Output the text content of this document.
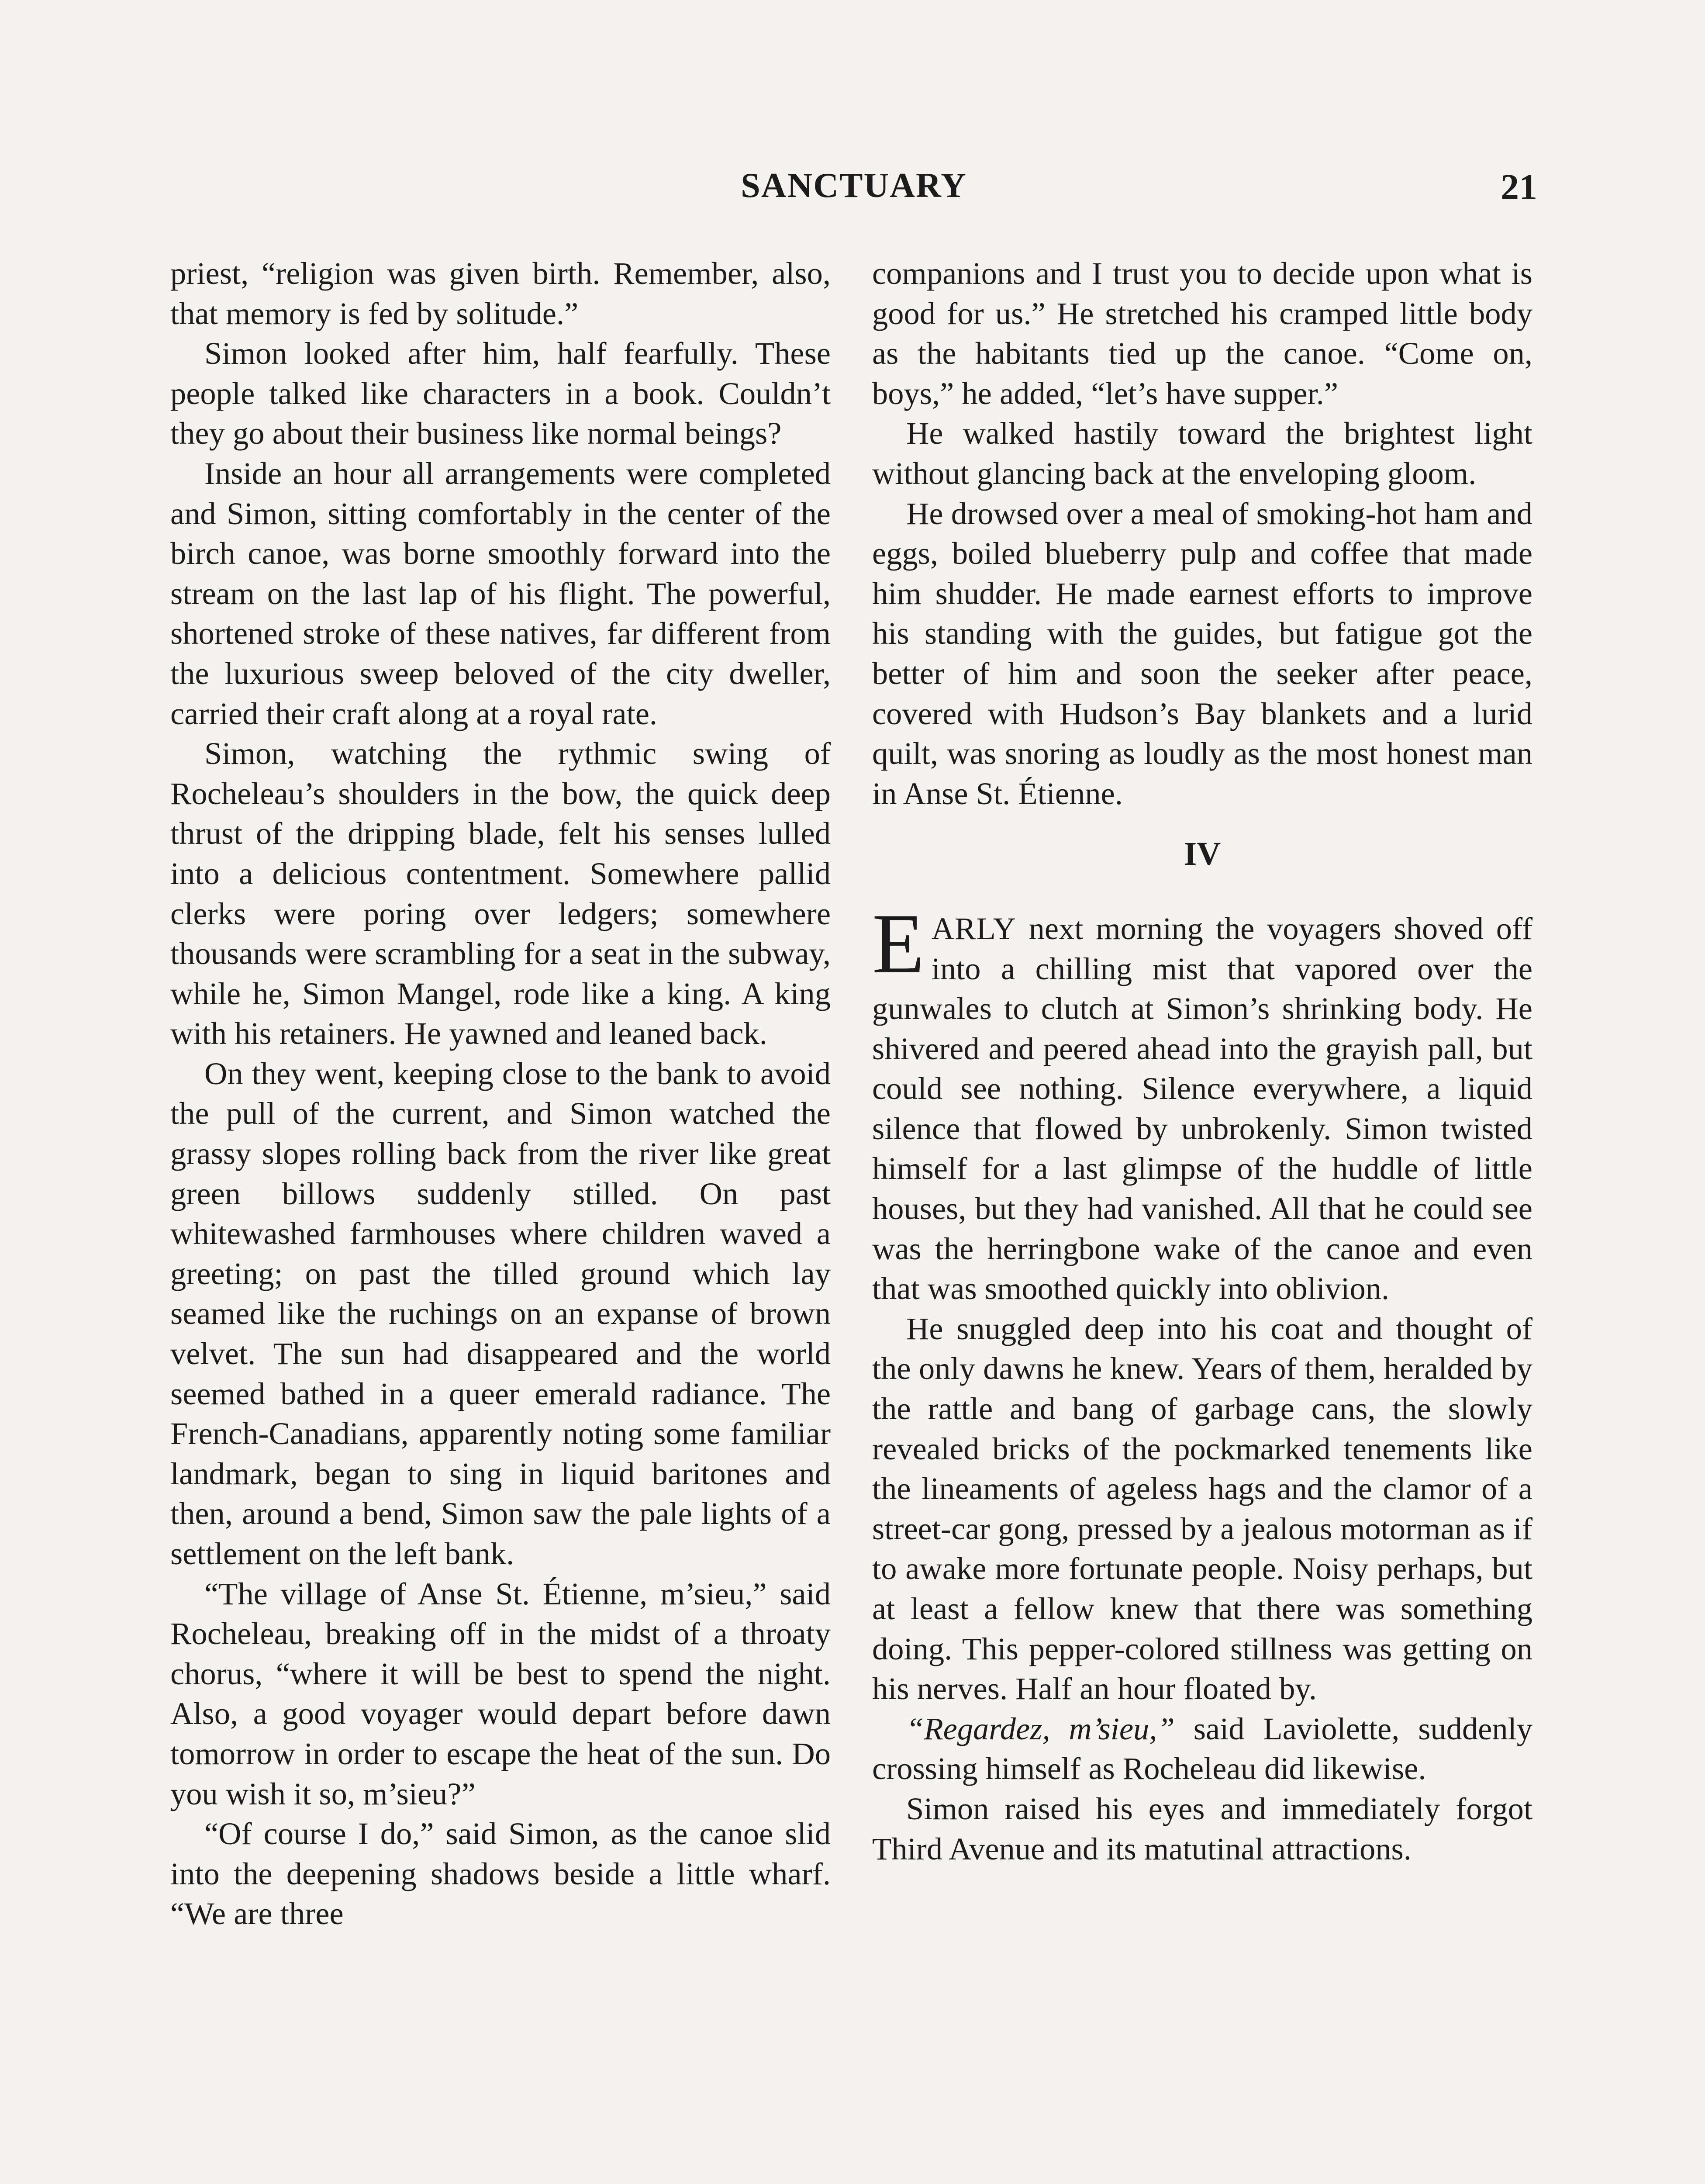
SANCTUARY	21

priest, “religion was given birth. Remember, also, that memory is fed by solitude.”

Simon looked after him, half fearfully. These people talked like characters in a book. Couldn’t they go about their business like normal beings?

Inside an hour all arrangements were completed and Simon, sitting comfortably in the center of the birch canoe, was borne smoothly forward into the stream on the last lap of his flight. The powerful, shortened stroke of these natives, far different from the luxurious sweep beloved of the city dweller, carried their craft along at a royal rate.

Simon, watching the rythmic swing of Rocheleau’s shoulders in the bow, the quick deep thrust of the dripping blade, felt his senses lulled into a delicious contentment. Somewhere pallid clerks were poring over ledgers; somewhere thousands were scrambling for a seat in the subway, while he, Simon Mangel, rode like a king. A king with his retainers. He yawned and leaned back.

On they went, keeping close to the bank to avoid the pull of the current, and Simon watched the grassy slopes rolling back from the river like great green billows suddenly stilled. On past whitewashed farmhouses where children waved a greeting; on past the tilled ground which lay seamed like the ruchings on an expanse of brown velvet. The sun had disappeared and the world seemed bathed in a queer emerald radiance. The French-Canadians, apparently noting some familiar landmark, began to sing in liquid baritones and then, around a bend, Simon saw the pale lights of a settlement on the left bank.

“The village of Anse St. Étienne, m’sieu,” said Rocheleau, breaking off in the midst of a throaty chorus, “where it will be best to spend the night. Also, a good voyager would depart before dawn tomorrow in order to escape the heat of the sun. Do you wish it so, m’sieu?”

“Of course I do,” said Simon, as the canoe slid into the deepening shadows beside a little wharf. “We are three

companions and I trust you to decide upon what is good for us.” He stretched his cramped little body as the habitants tied up the canoe. “Come on, boys,” he added, “let’s have supper.”

He walked hastily toward the brightest light without glancing back at the enveloping gloom.

He drowsed over a meal of smoking-hot ham and eggs, boiled blueberry pulp and coffee that made him shudder. He made earnest efforts to improve his standing with the guides, but fatigue got the better of him and soon the seeker after peace, covered with Hudson’s Bay blankets and a lurid quilt, was snoring as loudly as the most honest man in Anse St. Étienne.

IV

EARLY next morning the voyagers shoved off into a chilling mist that vapored over the gunwales to clutch at Simon’s shrinking body. He shivered and peered ahead into the grayish pall, but could see nothing. Silence everywhere, a liquid silence that flowed by unbrokenly. Simon twisted himself for a last glimpse of the huddle of little houses, but they had vanished. All that he could see was the herringbone wake of the canoe and even that was smoothed quickly into oblivion.

He snuggled deep into his coat and thought of the only dawns he knew. Years of them, heralded by the rattle and bang of garbage cans, the slowly revealed bricks of the pockmarked tenements like the lineaments of ageless hags and the clamor of a street-car gong, pressed by a jealous motorman as if to awake more fortunate people. Noisy perhaps, but at least a fellow knew that there was something doing. This pepper-colored stillness was getting on his nerves. Half an hour floated by.

“Regardez, m’sieu,” said Laviolette, suddenly crossing himself as Rocheleau did likewise.

Simon raised his eyes and immediately forgot Third Avenue and its matutinal attractions.
